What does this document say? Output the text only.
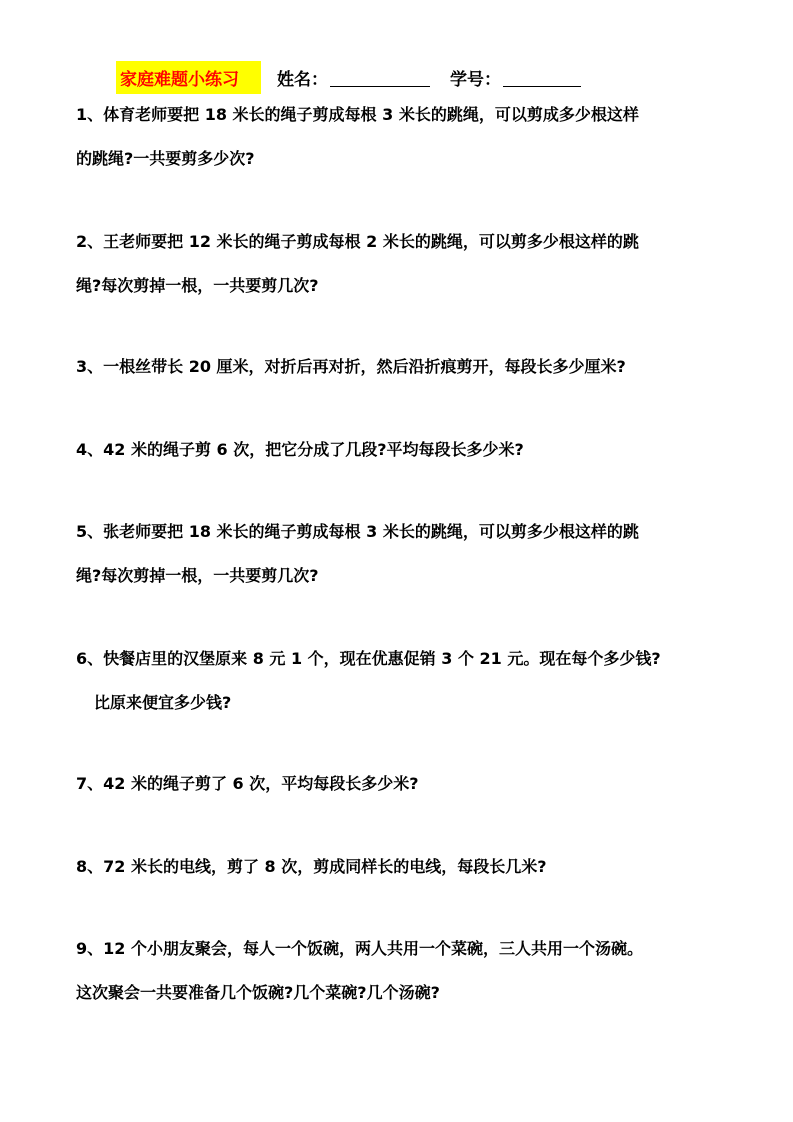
家庭难题小练习	姓名：	学号：
1、体育老师要把 18 米长的绳子剪成每根 3 米长的跳绳，可以剪成多少根这样
的跳绳?一共要剪多少次?
2、王老师要把 12 米长的绳子剪成每根 2 米长的跳绳，可以剪多少根这样的跳
绳?每次剪掉一根，一共要剪几次?
3、一根丝带长 20 厘米，对折后再对折，然后沿折痕剪开，每段长多少厘米?
4、42 米的绳子剪 6 次，把它分成了几段?平均每段长多少米?
5、张老师要把 18 米长的绳子剪成每根 3 米长的跳绳，可以剪多少根这样的跳
绳?每次剪掉一根，一共要剪几次?
6、快餐店里的汉堡原来 8 元 1 个，现在优惠促销 3 个 21 元。现在每个多少钱?
比原来便宜多少钱?
7、42 米的绳子剪了 6 次，平均每段长多少米?
8、72 米长的电线，剪了 8 次，剪成同样长的电线，每段长几米?
9、12 个小朋友聚会，每人一个饭碗，两人共用一个菜碗，三人共用一个汤碗。
这次聚会一共要准备几个饭碗?几个菜碗?几个汤碗?
